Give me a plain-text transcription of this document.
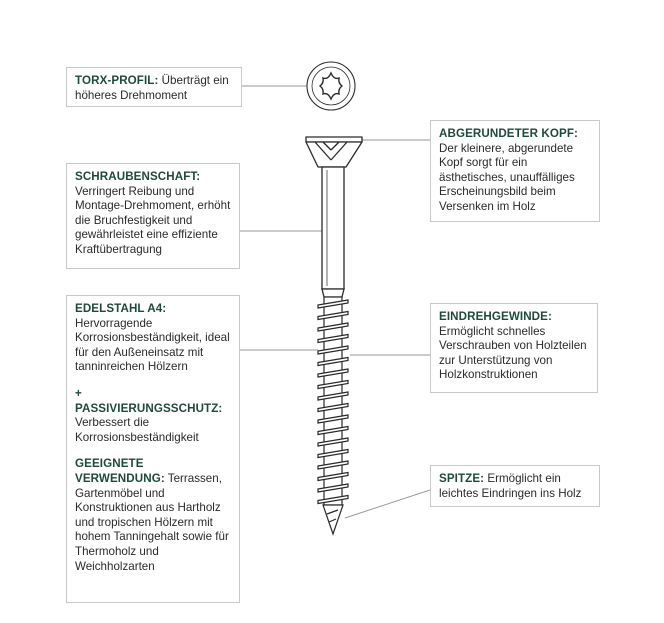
TORX-PROFIL: Überträgt ein höheres Drehmoment
ABGERUNDETER KOPF:
Der kleinere, abgerundete Kopf sorgt für ein ästhetisches, unauffälliges Erscheinungsbild beim Versenken im Holz
SCHRAUBENSCHAFT:
Verringert Reibung und Montage-Drehmoment, erhöht die Bruchfestigkeit und gewährleistet eine effiziente Kraftübertragung
EDELSTAHL A4:
Hervorragende Korrosionsbeständigkeit, ideal für den Außeneinsatz mit tanninreichen Hölzern
+
PASSIVIERUNGSSCHUTZ:
Verbessert die Korrosionsbeständigkeit
GEEIGNETE VERWENDUNG: Terrassen, Gartenmöbel und Konstruktionen aus Hartholz und tropischen Hölzern mit hohem Tanningehalt sowie für Thermoholz und Weichholzarten
EINDREHGEWINDE:
Ermöglicht schnelles Verschrauben von Holzteilen zur Unterstützung von Holzkonstruktionen
SPITZE: Ermöglicht ein leichtes Eindringen ins Holz
